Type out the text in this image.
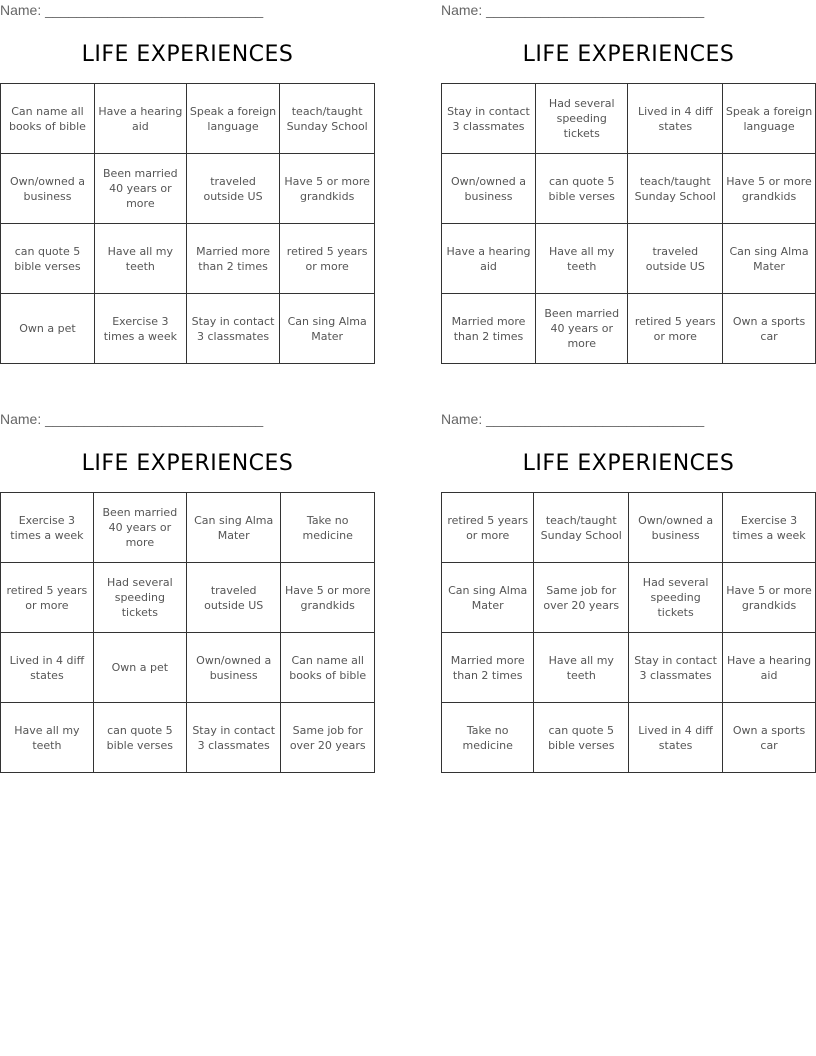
Name: ____________________________
LIFE EXPERIENCES
Can name all books of bible	Have a hearing aid	Speak a foreign language	teach/taught Sunday School
Own/owned a business	Been married 40 years or more	traveled outside US	Have 5 or more grandkids
can quote 5 bible verses	Have all my teeth	Married more than 2 times	retired 5 years or more
Own a pet	Exercise 3 times a week	Stay in contact 3 classmates	Can sing Alma Mater
Name: ____________________________
LIFE EXPERIENCES
Stay in contact 3 classmates	Had several speeding tickets	Lived in 4 diff states	Speak a foreign language
Own/owned a business	can quote 5 bible verses	teach/taught Sunday School	Have 5 or more grandkids
Have a hearing aid	Have all my teeth	traveled outside US	Can sing Alma Mater
Married more than 2 times	Been married 40 years or more	retired 5 years or more	Own a sports car
Name: ____________________________
LIFE EXPERIENCES
Exercise 3 times a week	Been married 40 years or more	Can sing Alma Mater	Take no medicine
retired 5 years or more	Had several speeding tickets	traveled outside US	Have 5 or more grandkids
Lived in 4 diff states	Own a pet	Own/owned a business	Can name all books of bible
Have all my teeth	can quote 5 bible verses	Stay in contact 3 classmates	Same job for over 20 years
Name: ____________________________
LIFE EXPERIENCES
retired 5 years or more	teach/taught Sunday School	Own/owned a business	Exercise 3 times a week
Can sing Alma Mater	Same job for over 20 years	Had several speeding tickets	Have 5 or more grandkids
Married more than 2 times	Have all my teeth	Stay in contact 3 classmates	Have a hearing aid
Take no medicine	can quote 5 bible verses	Lived in 4 diff states	Own a sports car
